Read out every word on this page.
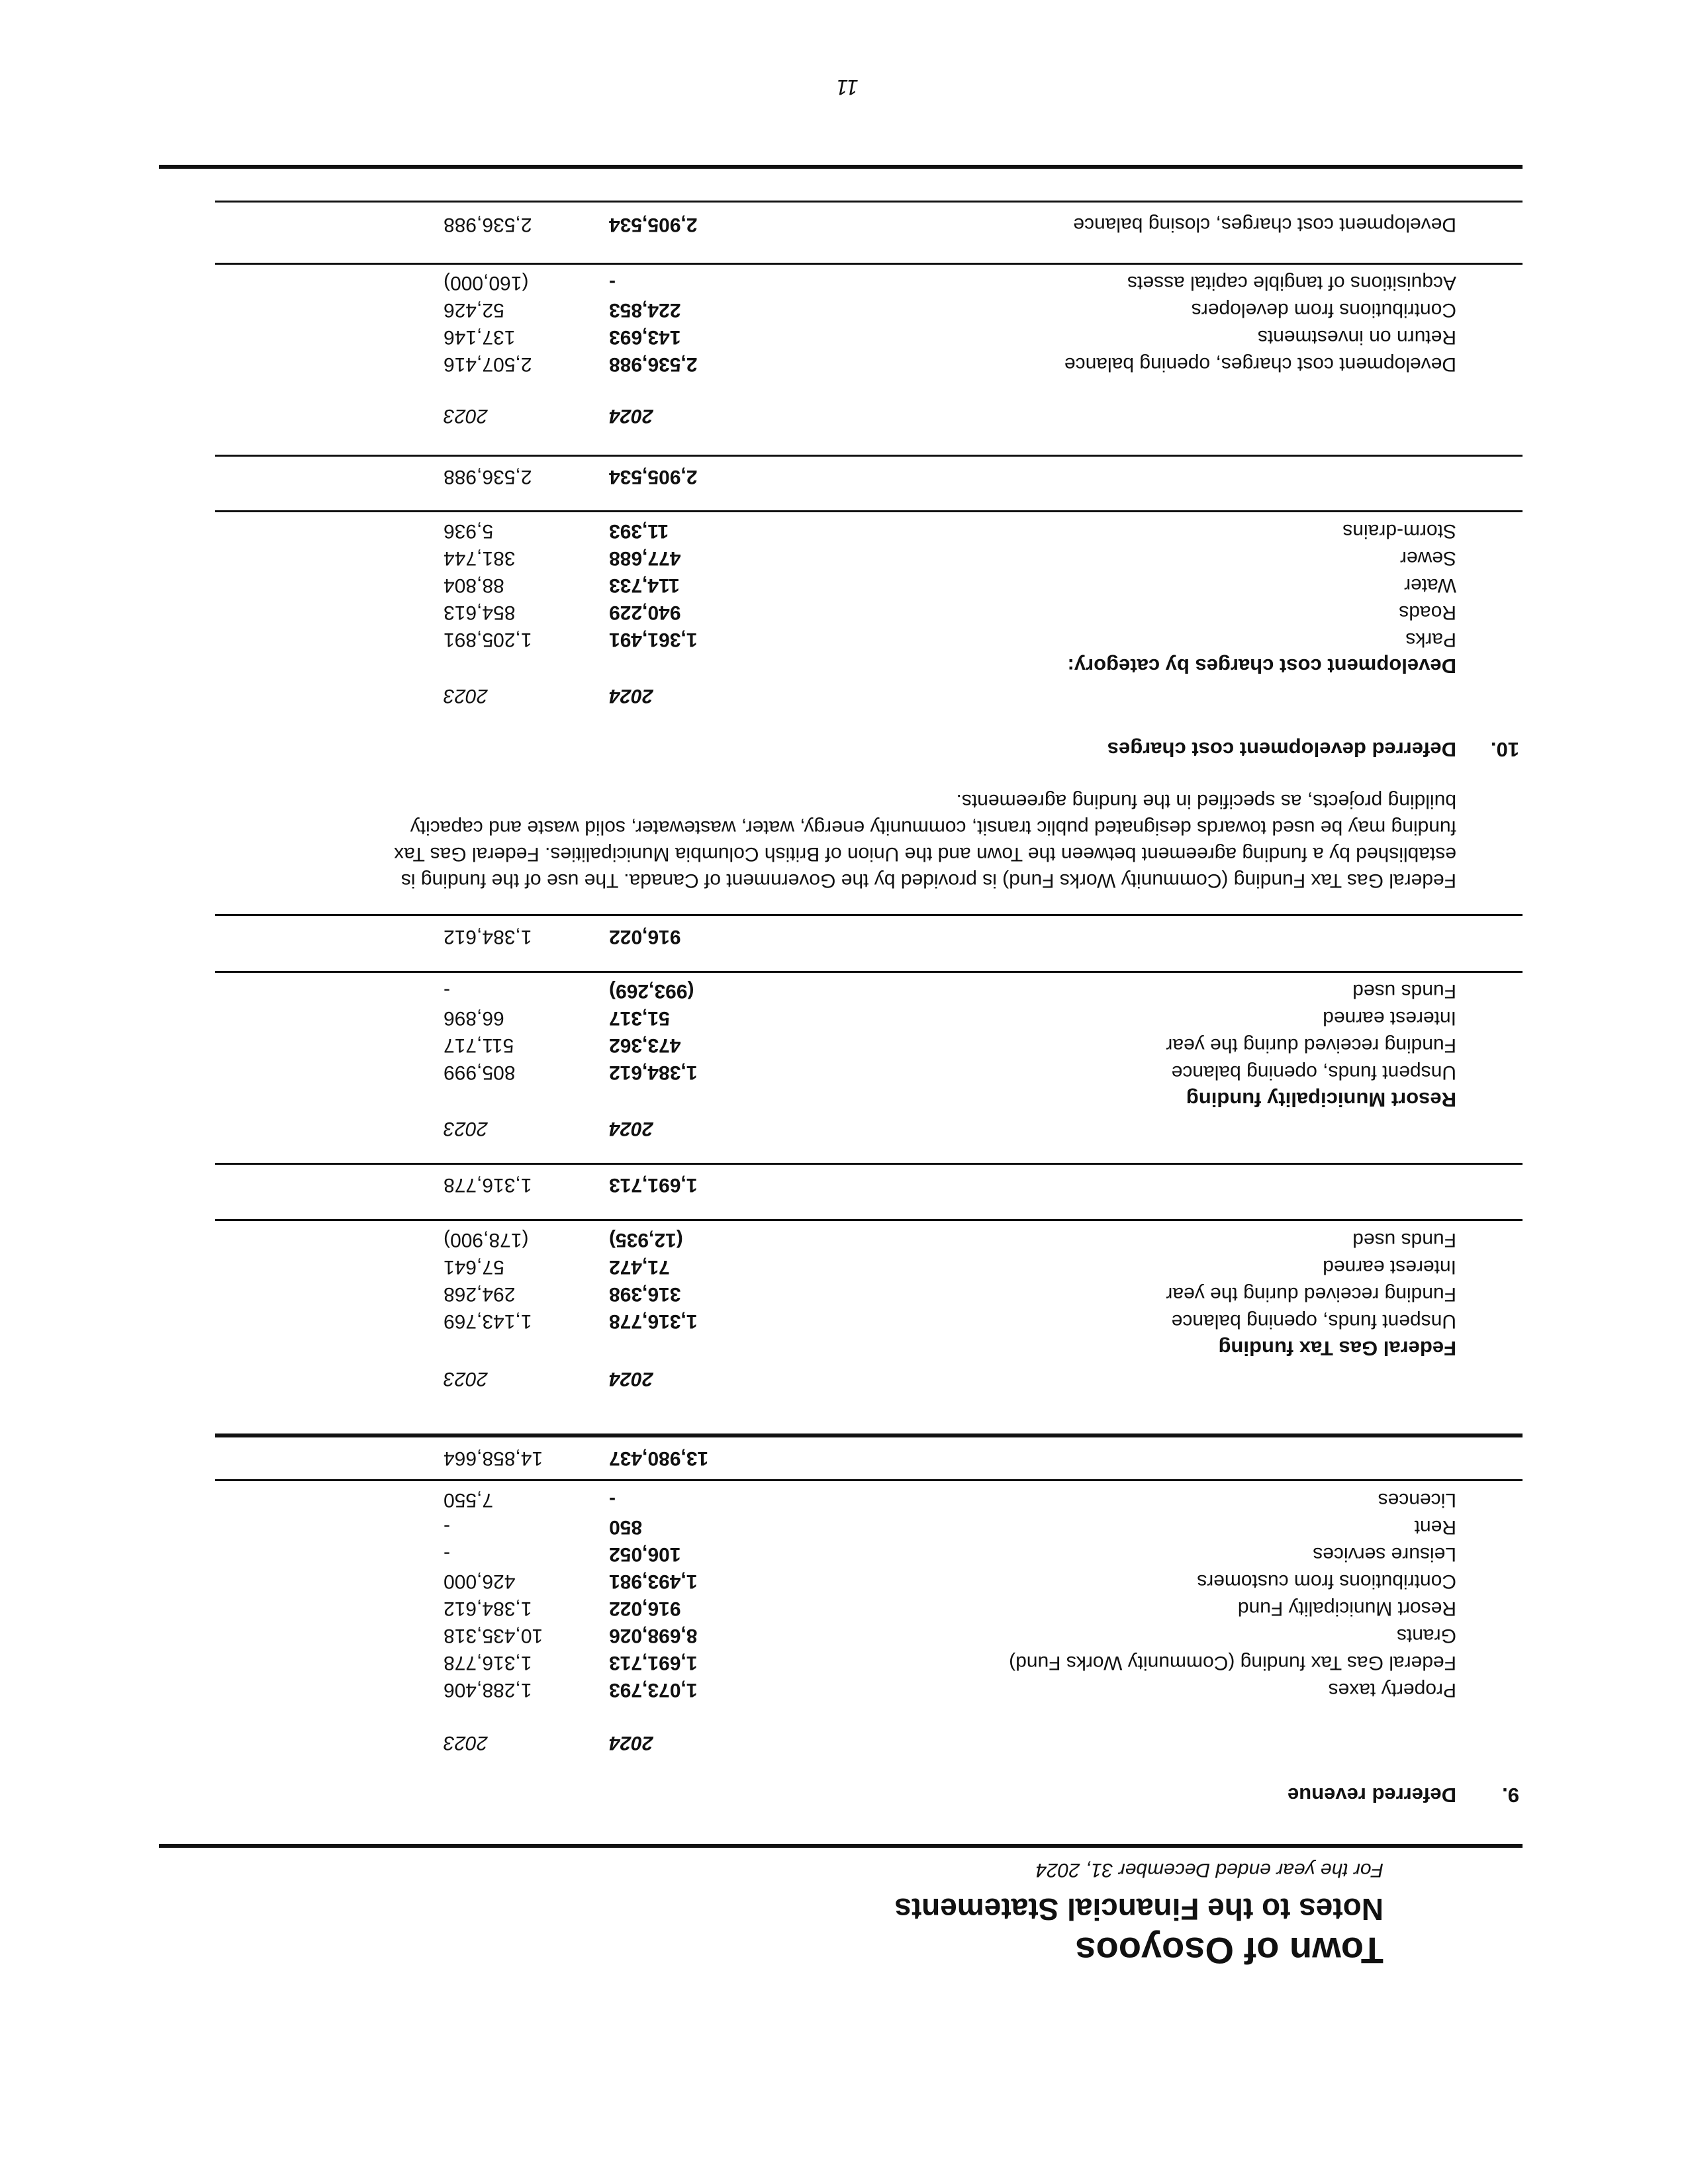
Town of Osoyoos
Notes to the Financial Statements
For the year ended December 31, 2024
9.
Deferred revenue
2024
2023
Property taxes
1,073,793
1,288,406
Federal Gas Tax funding (Community Works Fund)
1,691,713
1,316,778
Grants
8,698,026
10,435,318
Resort Municipality Fund
916,022
1,384,612
Contributions from customers
1,493,981
426,000
Leisure services
106,052
-
Rent
850
-
Licences
-
7,550
13,980,437
14,858,664
2024
2023
Federal Gas Tax funding
Unspent funds, opening balance
1,316,778
1,143,769
Funding received during the year
316,398
294,268
Interest earned
71,472
57,641
Funds used
(12,935)
(178,900)
1,691,713
1,316,778
2024
2023
Resort Municipality funding
Unspent funds, opening balance
1,384,612
805,999
Funding received during the year
473,362
511,717
Interest earned
51,317
66,896
Funds used
(993,269)
-
916,022
1,384,612
Federal Gas Tax Funding (Community Works Fund) is provided by the Government of Canada. The use of the funding is
established by a funding agreement between the Town and the Union of British Columbia Municipalities. Federal Gas Tax
funding may be used towards designated public transit, community energy, water, wastewater, solid waste and capacity
building projects, as specified in the funding agreements.
10.
Deferred development cost charges
2024
2023
Development cost charges by category:
Parks
1,361,491
1,205,891
Roads
940,229
854,613
Water
114,733
88,804
Sewer
477,688
381,744
Storm-drains
11,393
5,936
2,905,534
2,536,988
2024
2023
Development cost charges, opening balance
2,536,988
2,507,416
Return on investments
143,693
137,146
Contributions from developers
224,853
52,426
Acquisitions of tangible capital assets
-
(160,000)
Development cost charges, closing balance
2,905,534
2,536,988
11
